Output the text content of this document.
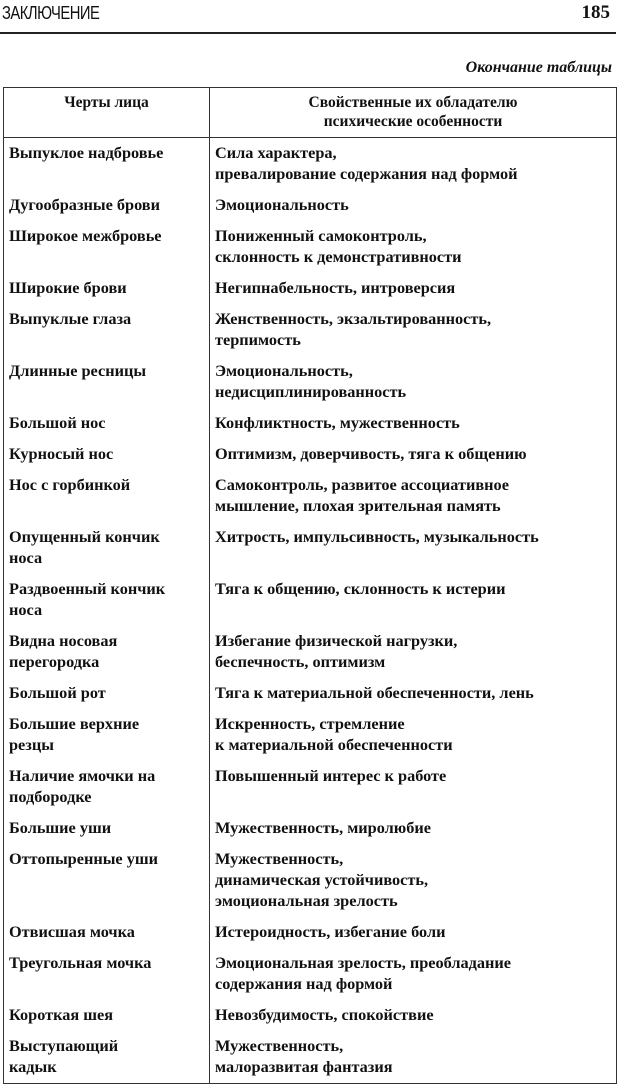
ЗАКЛЮЧЕНИЕ	185
Окончание таблицы
Черты лица	Свойственные их обладателю
психические особенности
Выпуклое надбровье	Сила характера,
превалирование содержания над формой
Дугообразные брови	Эмоциональность
Широкое межбровье	Пониженный самоконтроль,
склонность к демонстративности
Широкие брови	Негипнабельность, интроверсия
Выпуклые глаза	Женственность, экзальтированность,
терпимость
Длинные ресницы	Эмоциональность,
недисциплинированность
Большой нос	Конфликтность, мужественность
Курносый нос	Оптимизм, доверчивость, тяга к общению
Нос с горбинкой	Самоконтроль, развитое ассоциативное
мышление, плохая зрительная память
Опущенный кончик
носа	Хитрость, импульсивность, музыкальность
Раздвоенный кончик
носа	Тяга к общению, склонность к истерии
Видна носовая
перегородка	Избегание физической нагрузки,
беспечность, оптимизм
Большой рот	Тяга к материальной обеспеченности, лень
Большие верхние
резцы	Искренность, стремление
к материальной обеспеченности
Наличие ямочки на
подбородке	Повышенный интерес к работе
Большие уши	Мужественность, миролюбие
Оттопыренные уши	Мужественность,
динамическая устойчивость,
эмоциональная зрелость
Отвисшая мочка	Истероидность, избегание боли
Треугольная мочка	Эмоциональная зрелость, преобладание
содержания над формой
Короткая шея	Невозбудимость, спокойствие
Выступающий
кадык	Мужественность,
малоразвитая фантазия
